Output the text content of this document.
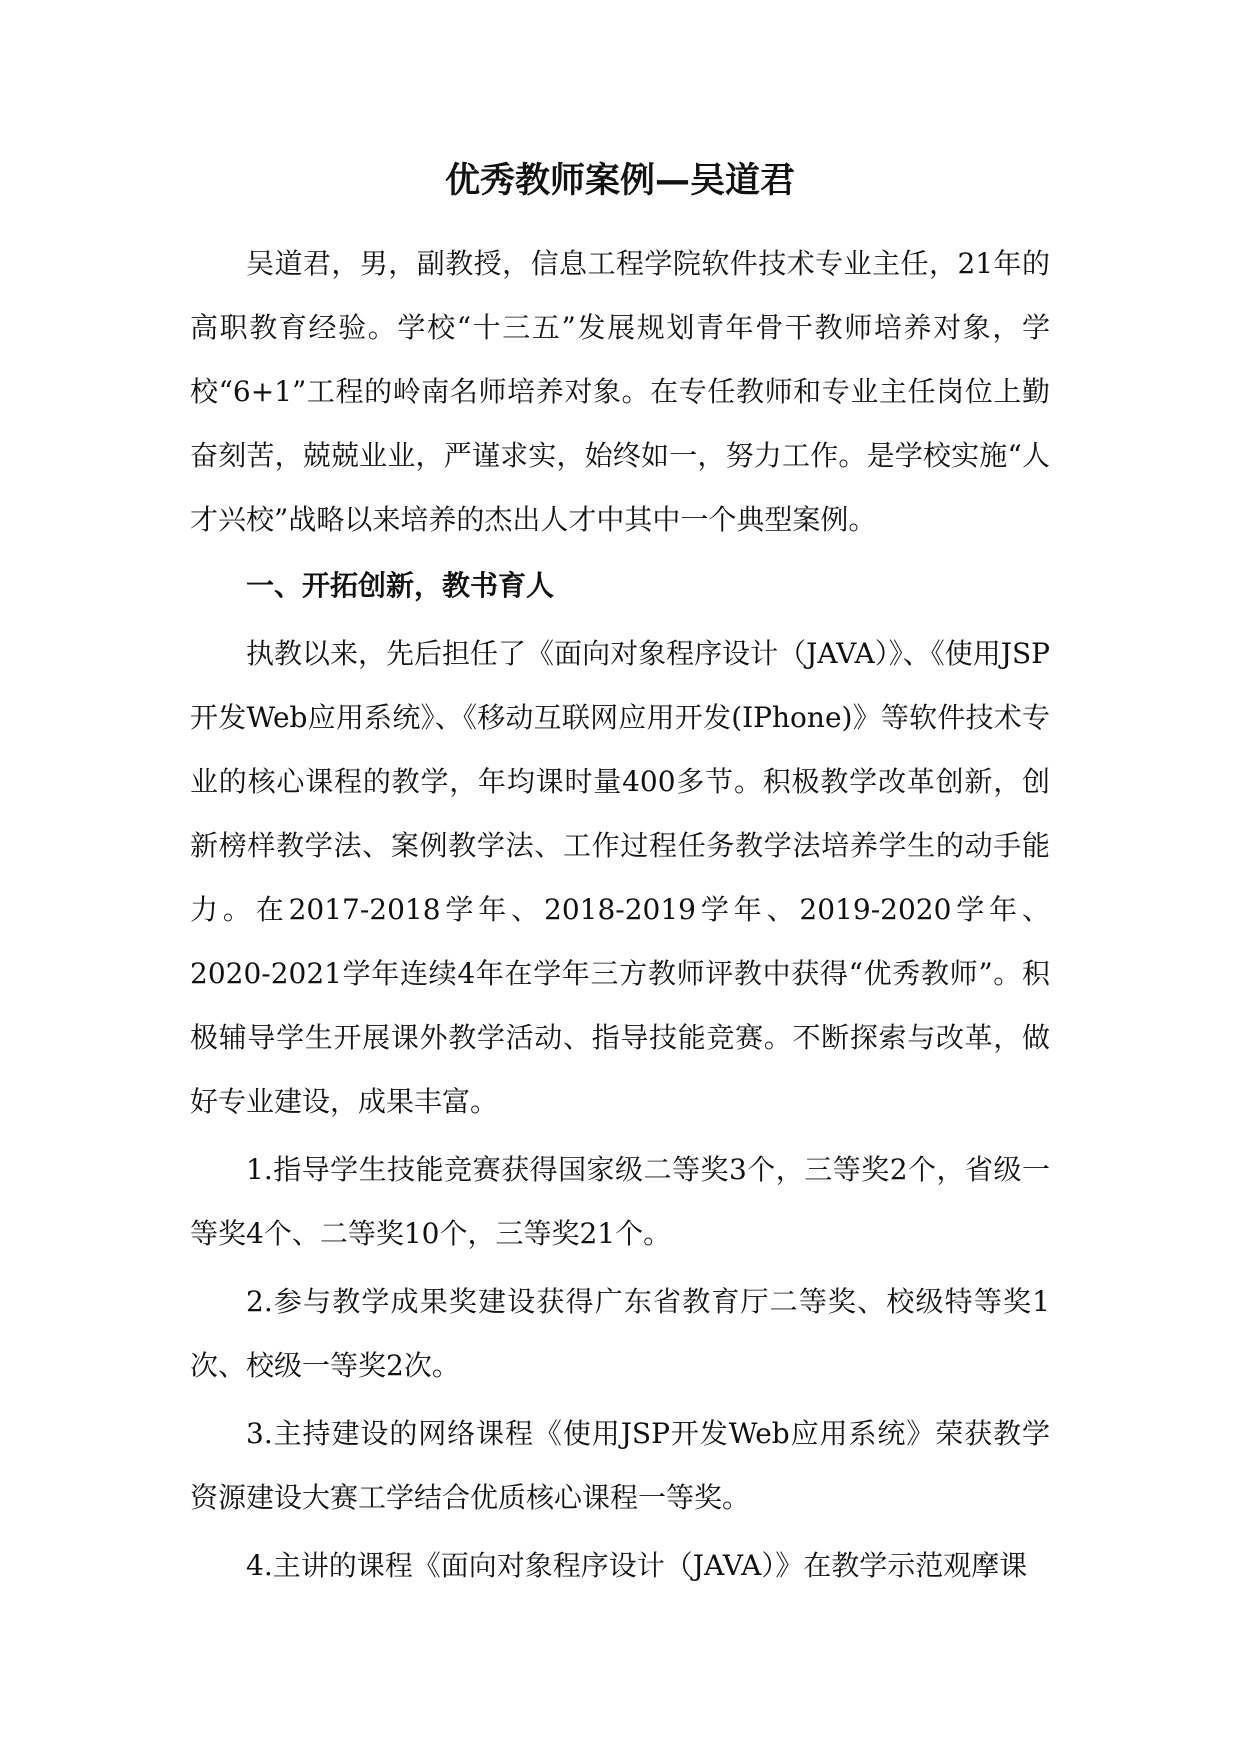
优秀教师案例—吴道君

吴道君，男，副教授，信息工程学院软件技术专业主任，21年的高职教育经验。学校“十三五”发展规划青年骨干教师培养对象，学校“6+1”工程的岭南名师培养对象。在专任教师和专业主任岗位上勤奋刻苦，兢兢业业，严谨求实，始终如一，努力工作。是学校实施“人才兴校”战略以来培养的杰出人才中其中一个典型案例。

一、开拓创新，教书育人

执教以来，先后担任了《面向对象程序设计（JAVA）》、《使用JSP开发Web应用系统》、《移动互联网应用开发(IPhone)》等软件技术专业的核心课程的教学，年均课时量400多节。积极教学改革创新，创新榜样教学法、案例教学法、工作过程任务教学法培养学生的动手能力。在2017-2018学年、2018-2019学年、2019-2020学年、2020-2021学年连续4年在学年三方教师评教中获得“优秀教师”。积极辅导学生开展课外教学活动、指导技能竞赛。不断探索与改革，做好专业建设，成果丰富。

1.指导学生技能竞赛获得国家级二等奖3个，三等奖2个，省级一等奖4个、二等奖10个，三等奖21个。

2.参与教学成果奖建设获得广东省教育厅二等奖、校级特等奖1次、校级一等奖2次。

3.主持建设的网络课程《使用JSP开发Web应用系统》荣获教学资源建设大赛工学结合优质核心课程一等奖。

4.主讲的课程《面向对象程序设计（JAVA）》在教学示范观摩课
